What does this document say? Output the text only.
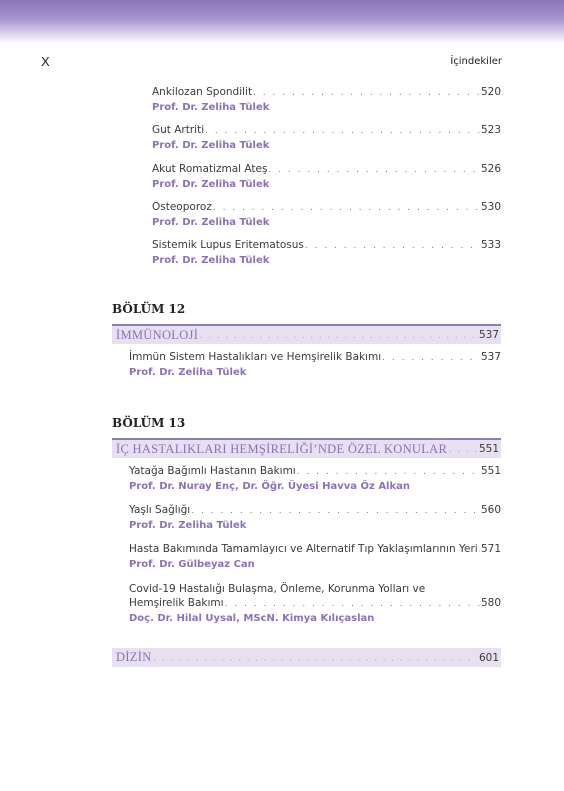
X	İçindekiler
Ankilozan Spondilit . . .	520
Prof. Dr. Zeliha Tülek
Gut Artriti . . .	523
Prof. Dr. Zeliha Tülek
Akut Romatizmal Ateş . . .	526
Prof. Dr. Zeliha Tülek
Osteoporoz . . .	530
Prof. Dr. Zeliha Tülek
Sistemik Lupus Eritematosus . . .	533
Prof. Dr. Zeliha Tülek
BÖLÜM 12
İMMÜNOLOJİ . . .	537
İmmün Sistem Hastalıkları ve Hemşirelik Bakımı . . .	537
Prof. Dr. Zeliha Tülek
BÖLÜM 13
İÇ HASTALIKLARI HEMŞİRELİĞİ’NDE ÖZEL KONULAR . . .	551
Yatağa Bağımlı Hastanın Bakımı . . .	551
Prof. Dr. Nuray Enç, Dr. Öğr. Üyesi Havva Öz Alkan
Yaşlı Sağlığı . . .	560
Prof. Dr. Zeliha Tülek
Hasta Bakımında Tamamlayıcı ve Alternatif Tıp Yaklaşımlarının Yeri . . . 571
Prof. Dr. Gülbeyaz Can
Covid-19 Hastalığı Bulaşma, Önleme, Korunma Yolları ve
Hemşirelik Bakımı . . .	580
Doç. Dr. Hilal Uysal, MScN. Kimya Kılıçaslan
DİZİN . . .	601
